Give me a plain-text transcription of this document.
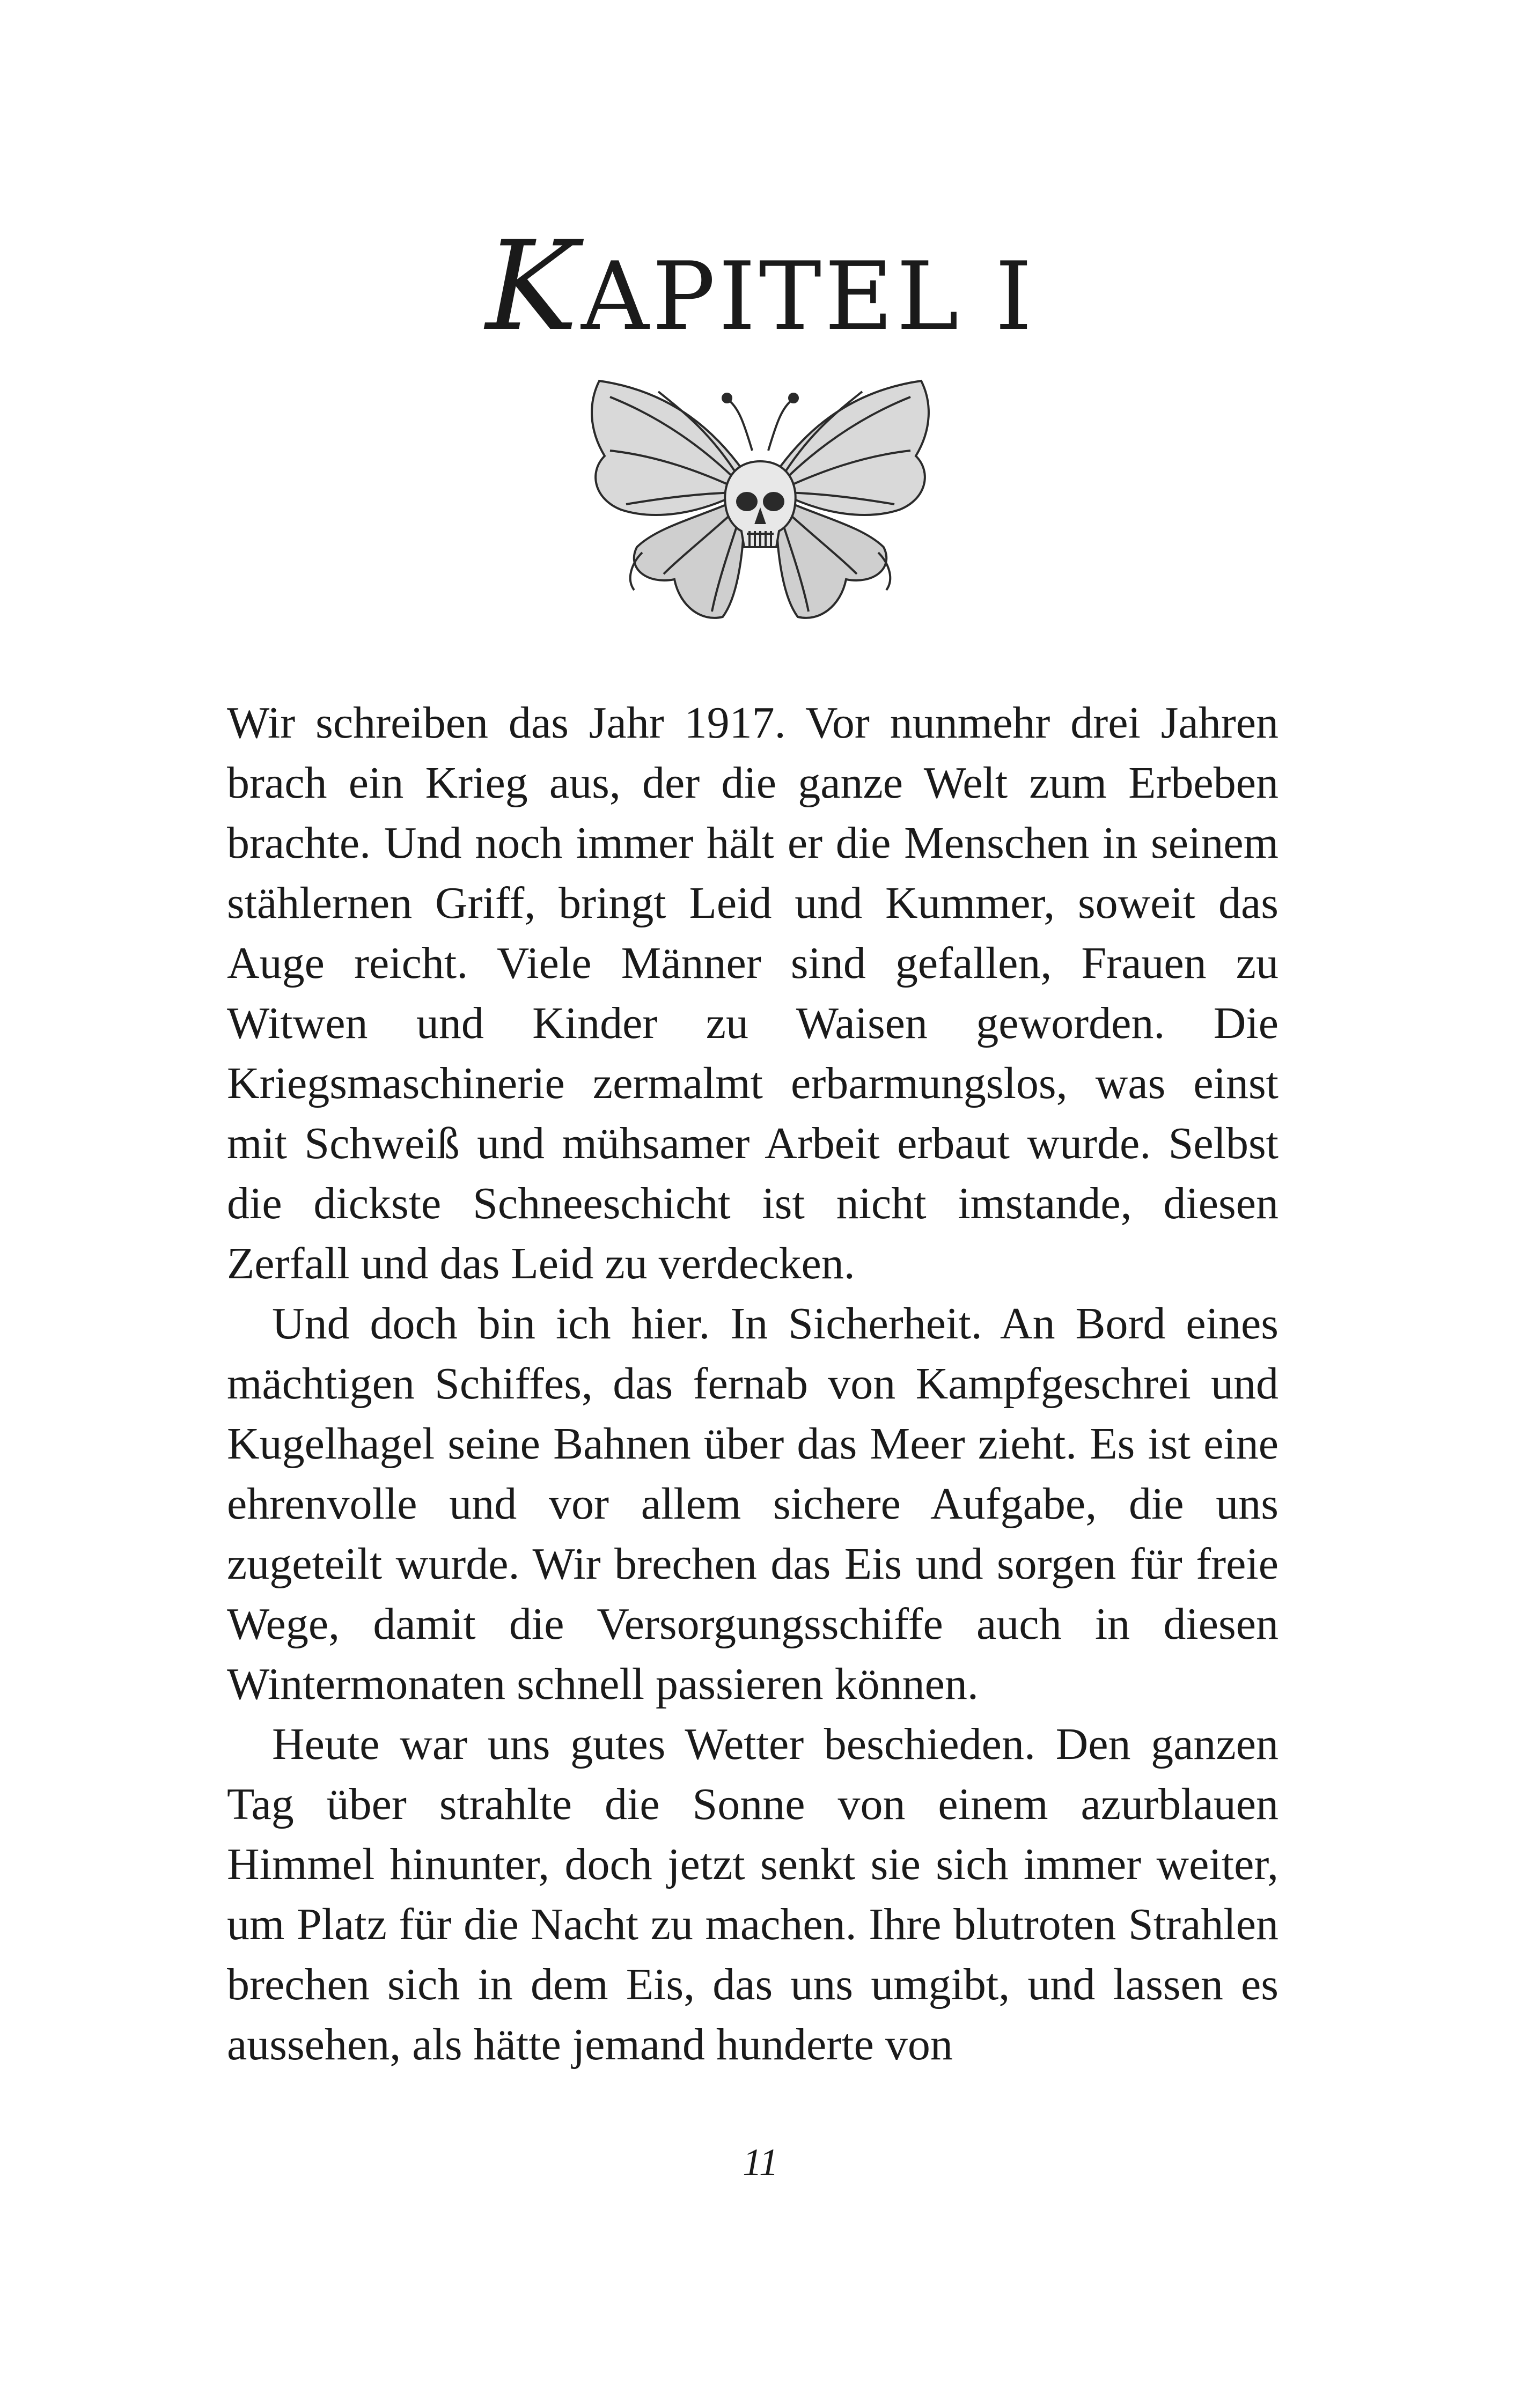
KAPITEL I

Wir schreiben das Jahr 1917. Vor nunmehr drei Jahren brach ein Krieg aus, der die ganze Welt zum Erbeben brachte. Und noch immer hält er die Menschen in seinem stählernen Griff, bringt Leid und Kummer, soweit das Auge reicht. Viele Männer sind gefallen, Frauen zu Witwen und Kinder zu Waisen geworden. Die Kriegsmaschinerie zermalmt erbarmungslos, was einst mit Schweiß und mühsamer Arbeit erbaut wurde. Selbst die dickste Schneeschicht ist nicht imstande, diesen Zerfall und das Leid zu verdecken.

Und doch bin ich hier. In Sicherheit. An Bord eines mächtigen Schiffes, das fernab von Kampfgeschrei und Kugelhagel seine Bahnen über das Meer zieht. Es ist eine ehrenvolle und vor allem sichere Aufgabe, die uns zugeteilt wurde. Wir brechen das Eis und sorgen für freie Wege, damit die Versorgungsschiffe auch in diesen Wintermonaten schnell passieren können.

Heute war uns gutes Wetter beschieden. Den ganzen Tag über strahlte die Sonne von einem azurblauen Himmel hinunter, doch jetzt senkt sie sich immer weiter, um Platz für die Nacht zu machen. Ihre blutroten Strahlen brechen sich in dem Eis, das uns umgibt, und lassen es aussehen, als hätte jemand hunderte von

11
